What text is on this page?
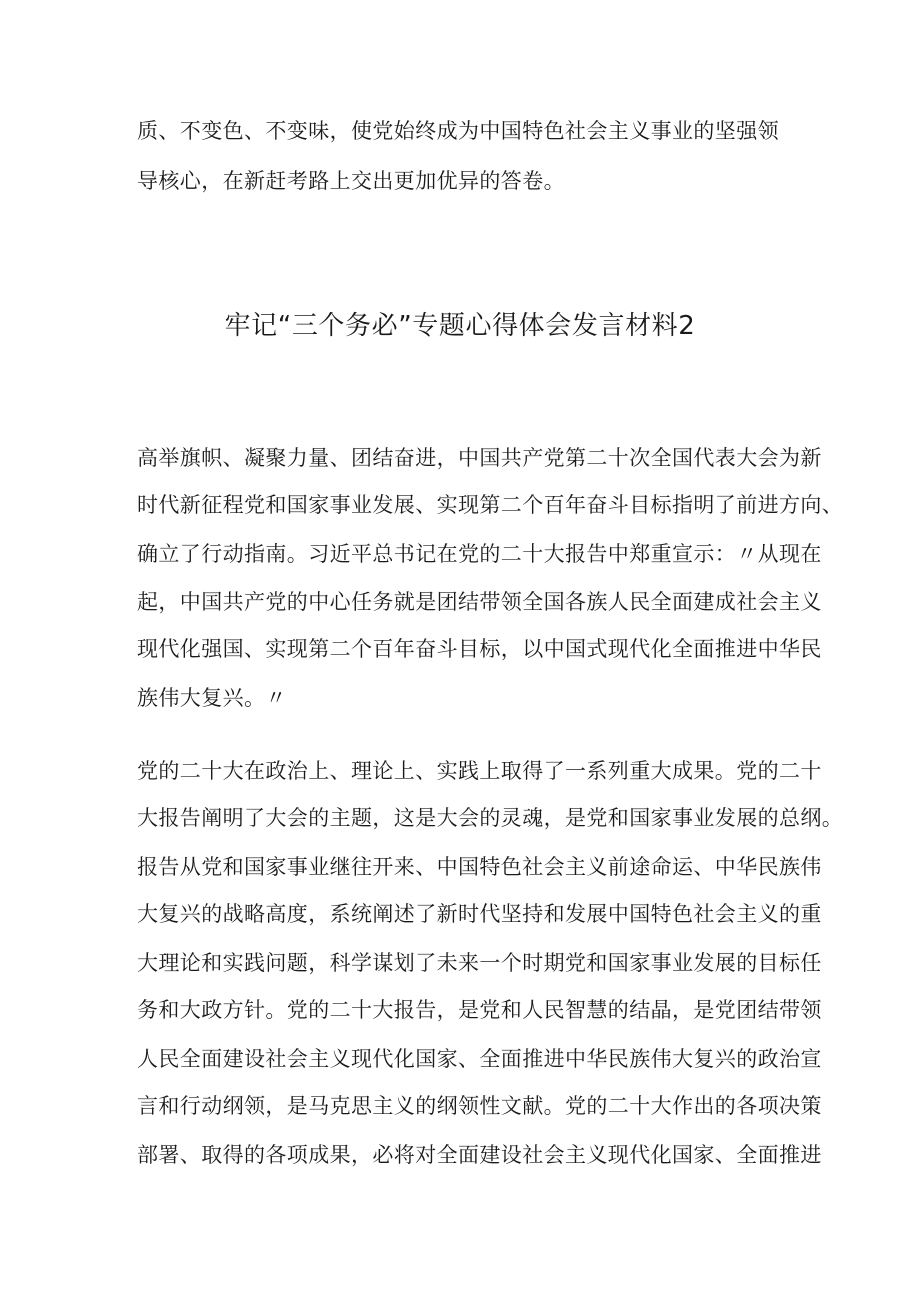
质、不变色、不变味，使党始终成为中国特色社会主义事业的坚强领
导核心，在新赶考路上交出更加优异的答卷。
牢记“三个务必”专题心得体会发言材料2
高举旗帜、凝聚力量、团结奋进，中国共产党第二十次全国代表大会为新
时代新征程党和国家事业发展、实现第二个百年奋斗目标指明了前进方向、
确立了行动指南。习近平总书记在党的二十大报告中郑重宣示：〃从现在
起，中国共产党的中心任务就是团结带领全国各族人民全面建成社会主义
现代化强国、实现第二个百年奋斗目标，以中国式现代化全面推进中华民
族伟大复兴。〃
党的二十大在政治上、理论上、实践上取得了一系列重大成果。党的二十
大报告阐明了大会的主题，这是大会的灵魂，是党和国家事业发展的总纲。
报告从党和国家事业继往开来、中国特色社会主义前途命运、中华民族伟
大复兴的战略高度，系统阐述了新时代坚持和发展中国特色社会主义的重
大理论和实践问题，科学谋划了未来一个时期党和国家事业发展的目标任
务和大政方针。党的二十大报告，是党和人民智慧的结晶，是党团结带领
人民全面建设社会主义现代化国家、全面推进中华民族伟大复兴的政治宣
言和行动纲领，是马克思主义的纲领性文献。党的二十大作出的各项决策
部署、取得的各项成果，必将对全面建设社会主义现代化国家、全面推进
